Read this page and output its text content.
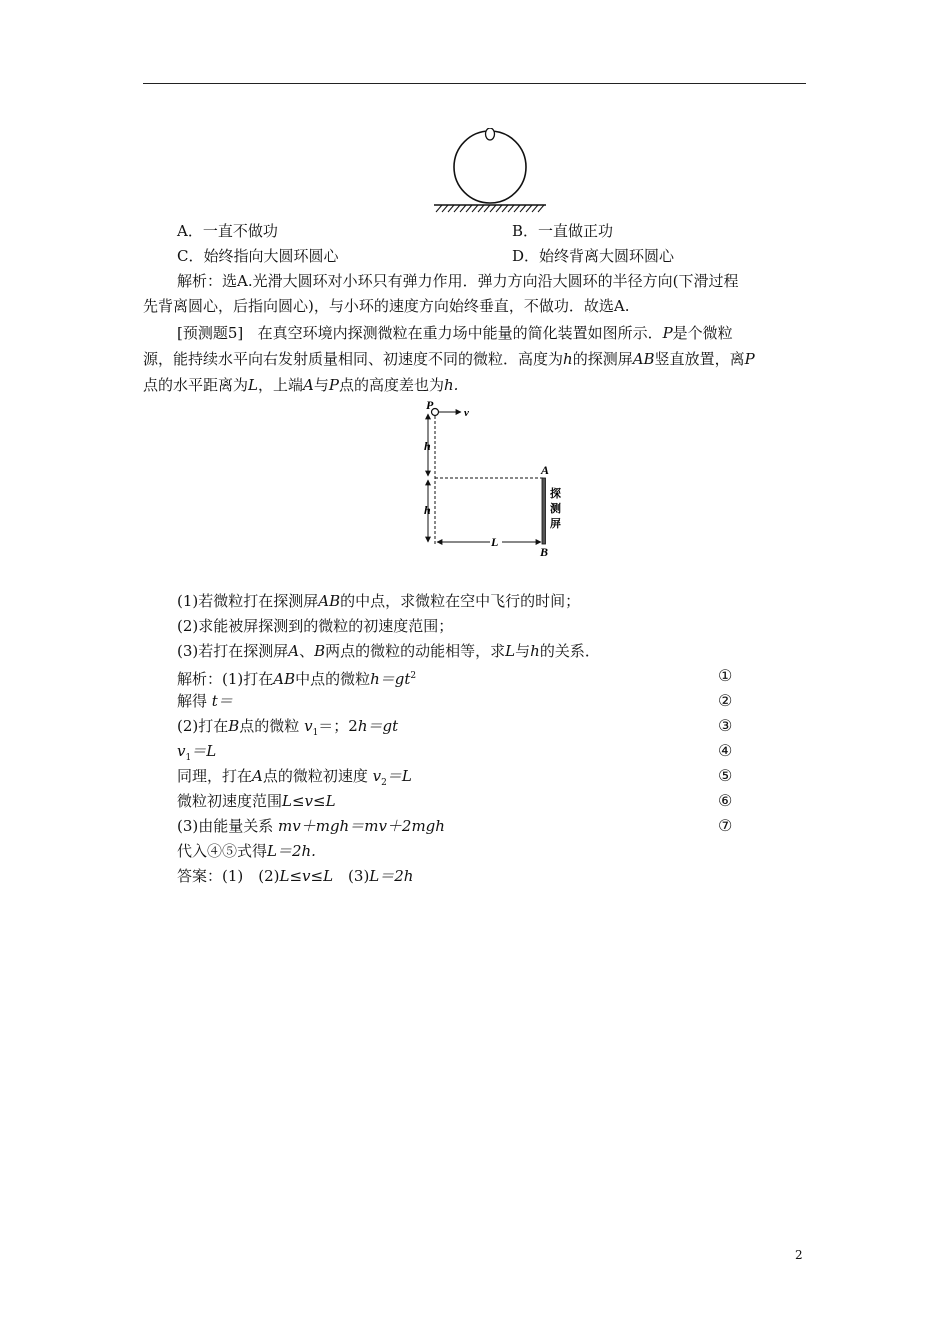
A．一直不做功	B．一直做正功
C．始终指向大圆环圆心	D．始终背离大圆环圆心
解析：选A.光滑大圆环对小环只有弹力作用．弹力方向沿大圆环的半径方向(下滑过程
先背离圆心，后指向圆心)，与小环的速度方向始终垂直，不做功．故选A.
[预测题5] 在真空环境内探测微粒在重力场中能量的简化装置如图所示．P是个微粒
源，能持续水平向右发射质量相同、初速度不同的微粒．高度为h的探测屏AB竖直放置，离P
点的水平距离为L，上端A与P点的高度差也为h.
P
v
h
h
L
A
B
探
测
屏
(1)若微粒打在探测屏AB的中点，求微粒在空中飞行的时间；
(2)求能被屏探测到的微粒的初速度范围；
(3)若打在探测屏A、B两点的微粒的动能相等，求L与h的关系．
解析：(1)打在AB中点的微粒$h=gt^2$
解得 t＝
(2)打在B点的微粒 $v_1=$；2h＝gt
$v_1=L$
同理，打在A点的微粒初速度 $v_2=L$
微粒初速度范围L≤v≤L
(3)由能量关系 mv＋mgh＝mv＋2mgh
代入④⑤式得L＝2h.
答案：(1)　(2)L≤v≤L　(3)L＝2h
①
②
③
④
⑤
⑥
⑦
2
